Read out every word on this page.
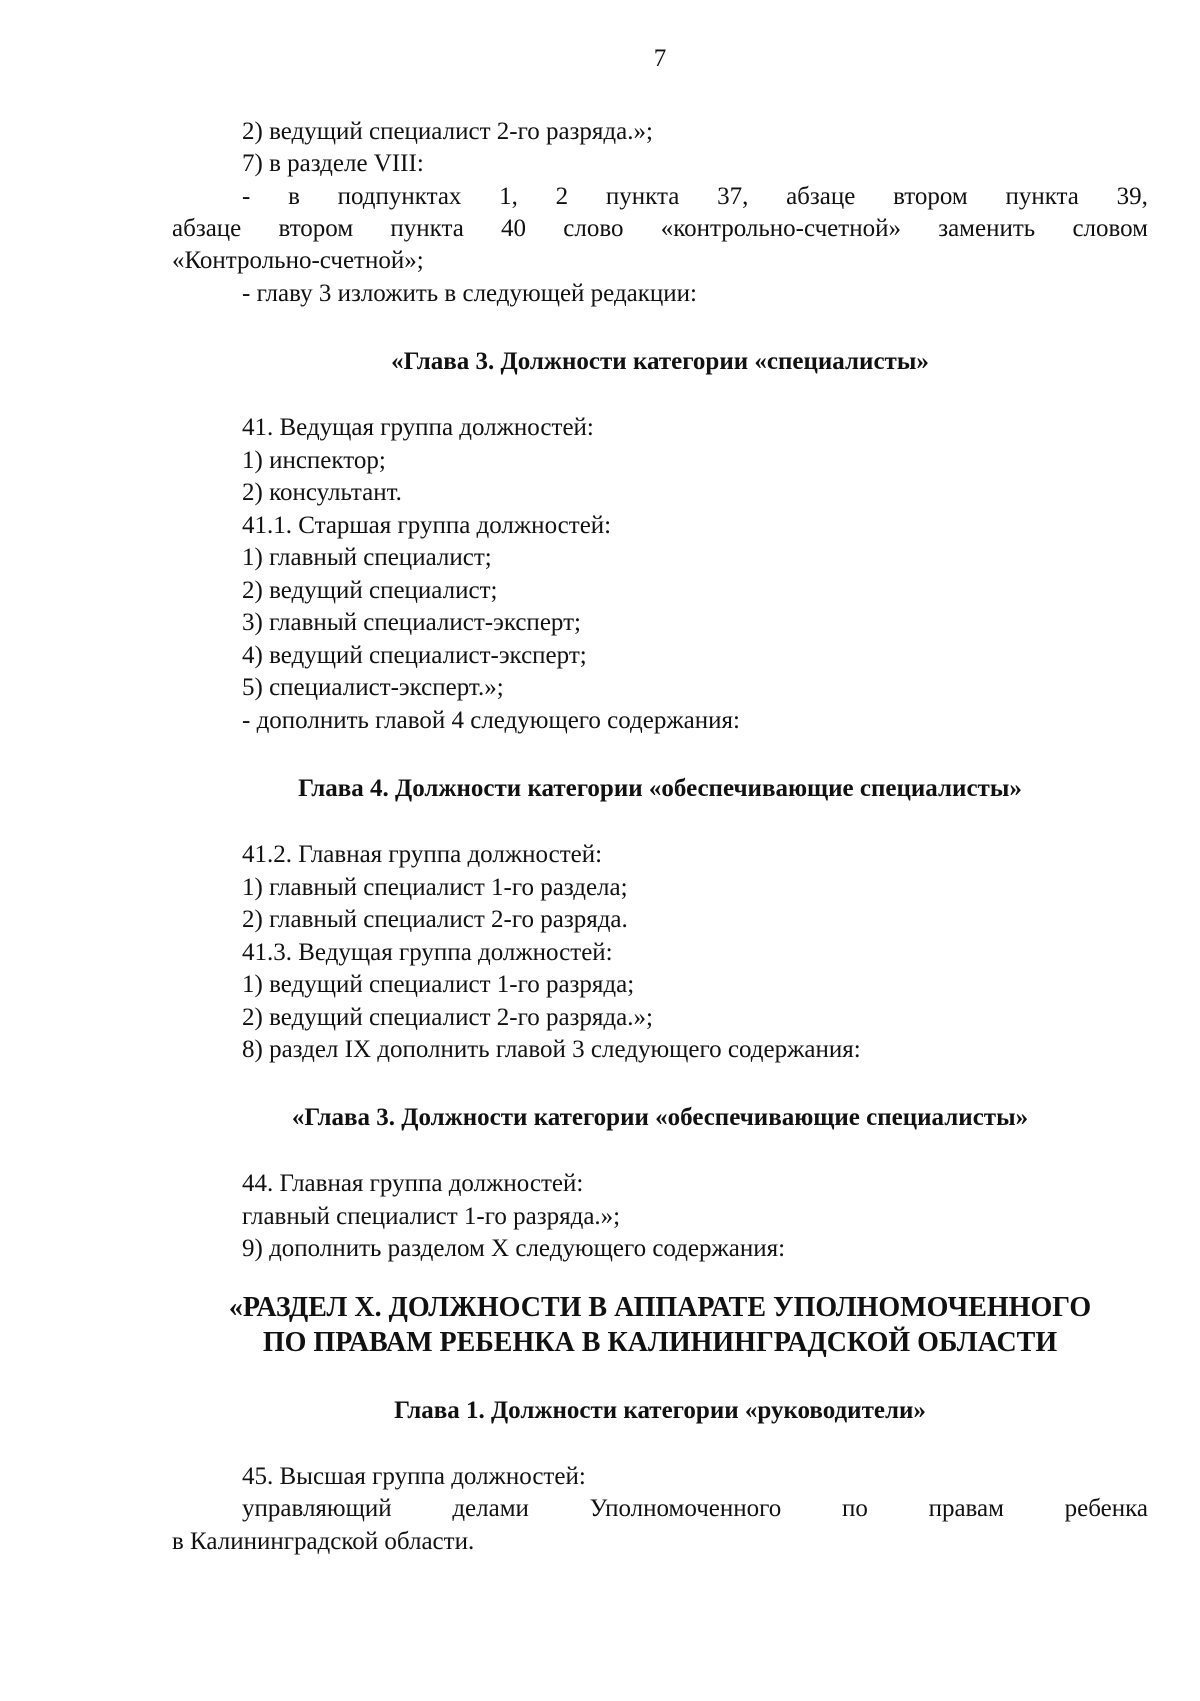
7
2) ведущий специалист 2-го разряда.»;
7) в разделе VIII:
- в подпунктах 1, 2 пункта 37, абзаце втором пункта 39,
абзаце втором пункта 40 слово «контрольно-счетной» заменить словом
«Контрольно-счетной»;
- главу 3 изложить в следующей редакции:
«Глава 3. Должности категории «специалисты»
41. Ведущая группа должностей:
1) инспектор;
2) консультант.
41.1. Старшая группа должностей:
1) главный специалист;
2) ведущий специалист;
3) главный специалист-эксперт;
4) ведущий специалист-эксперт;
5) специалист-эксперт.»;
- дополнить главой 4 следующего содержания:
Глава 4. Должности категории «обеспечивающие специалисты»
41.2. Главная группа должностей:
1) главный специалист 1-го раздела;
2) главный специалист 2-го разряда.
41.3. Ведущая группа должностей:
1) ведущий специалист 1-го разряда;
2) ведущий специалист 2-го разряда.»;
8) раздел IX дополнить главой 3 следующего содержания:
«Глава 3. Должности категории «обеспечивающие специалисты»
44. Главная группа должностей:
главный специалист 1-го разряда.»;
9) дополнить разделом X следующего содержания:
«РАЗДЕЛ X. ДОЛЖНОСТИ В АППАРАТЕ УПОЛНОМОЧЕННОГО
ПО ПРАВАМ РЕБЕНКА В КАЛИНИНГРАДСКОЙ ОБЛАСТИ
Глава 1. Должности категории «руководители»
45. Высшая группа должностей:
управляющий делами Уполномоченного по правам ребенка
в Калининградской области.
